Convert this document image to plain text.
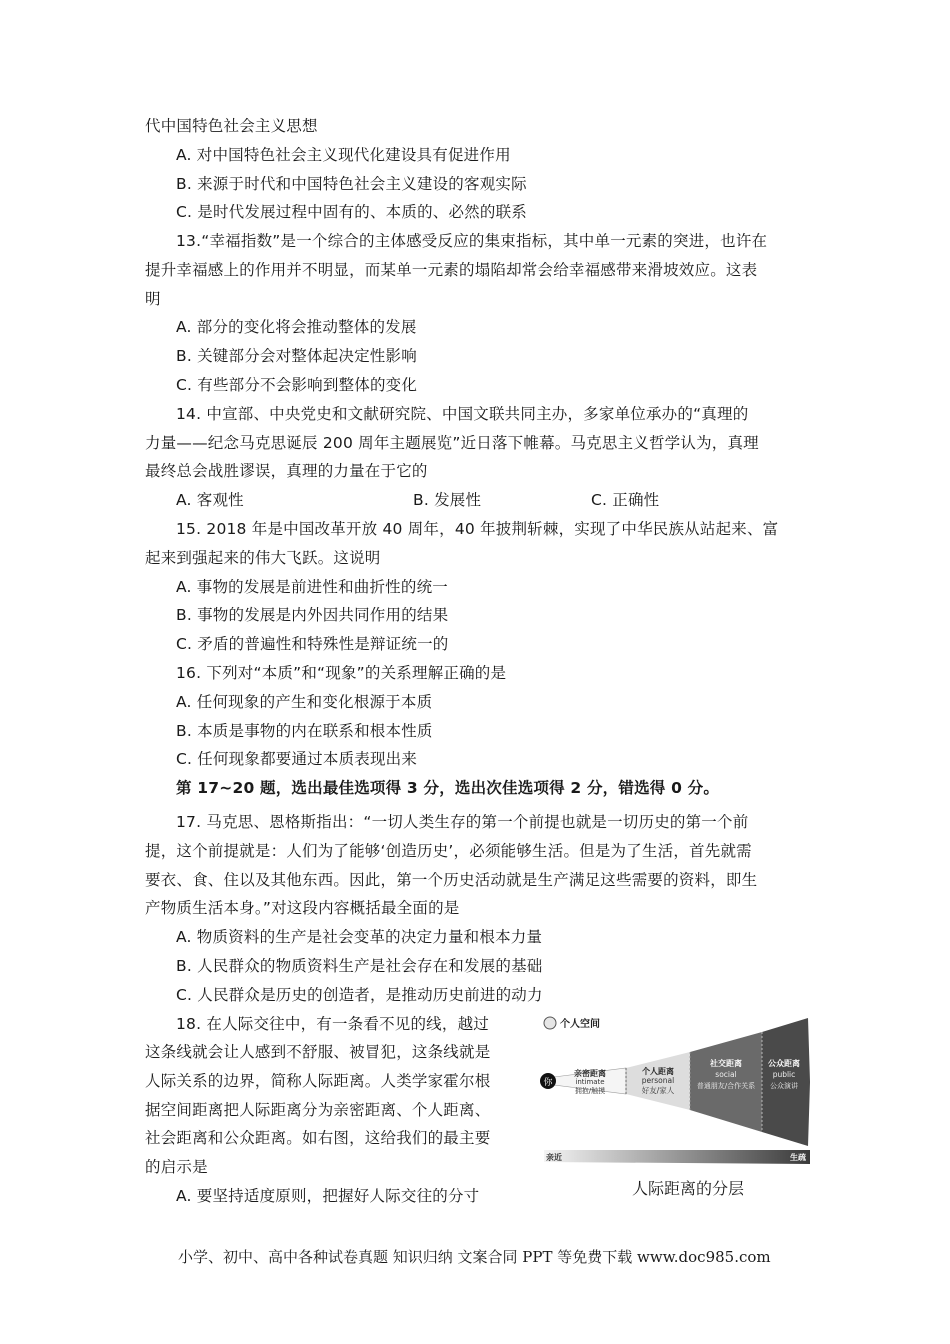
代中国特色社会主义思想
A. 对中国特色社会主义现代化建设具有促进作用
B. 来源于时代和中国特色社会主义建设的客观实际
C. 是时代发展过程中固有的、本质的、必然的联系
13.“幸福指数”是一个综合的主体感受反应的集束指标，其中单一元素的突进，也许在
提升幸福感上的作用并不明显，而某单一元素的塌陷却常会给幸福感带来滑坡效应。这表
明
A. 部分的变化将会推动整体的发展
B. 关键部分会对整体起决定性影响
C. 有些部分不会影响到整体的变化
14. 中宣部、中央党史和文献研究院、中国文联共同主办，多家单位承办的“真理的
力量——纪念马克思诞辰 200 周年主题展览”近日落下帷幕。马克思主义哲学认为，真理
最终总会战胜谬误，真理的力量在于它的
A. 客观性	B. 发展性	C. 正确性
15. 2018 年是中国改革开放 40 周年，40 年披荆斩棘，实现了中华民族从站起来、富
起来到强起来的伟大飞跃。这说明
A. 事物的发展是前进性和曲折性的统一
B. 事物的发展是内外因共同作用的结果
C. 矛盾的普遍性和特殊性是辩证统一的
16. 下列对“本质”和“现象”的关系理解正确的是
A. 任何现象的产生和变化根源于本质
B. 本质是事物的内在联系和根本性质
C. 任何现象都要通过本质表现出来
第 17~20 题，选出最佳选项得 3 分，选出次佳选项得 2 分，错选得 0 分。
17. 马克思、恩格斯指出：“一切人类生存的第一个前提也就是一切历史的第一个前
提，这个前提就是：人们为了能够‘创造历史’，必须能够生活。但是为了生活，首先就需
要衣、食、住以及其他东西。因此，第一个历史活动就是生产满足这些需要的资料，即生
产物质生活本身。”对这段内容概括最全面的是
A. 物质资料的生产是社会变革的决定力量和根本力量
B. 人民群众的物质资料生产是社会存在和发展的基础
C. 人民群众是历史的创造者，是推动历史前进的动力
18. 在人际交往中，有一条看不见的线，越过
这条线就会让人感到不舒服、被冒犯，这条线就是
人际关系的边界，简称人际距离。人类学家霍尔根
据空间距离把人际距离分为亲密距离、个人距离、
社会距离和公众距离。如右图，这给我们的最主要
的启示是
A. 要坚持适度原则，把握好人际交往的分寸
个人空间
你
亲密距离
intimate
拥抱/触摸
个人距离
personal
好友/家人
社交距离
social
普通朋友/合作关系
公众距离
public
公众演讲
亲近	生疏
人际距离的分层
小学、初中、高中各种试卷真题 知识归纳 文案合同 PPT 等免费下载 www.doc985.com
